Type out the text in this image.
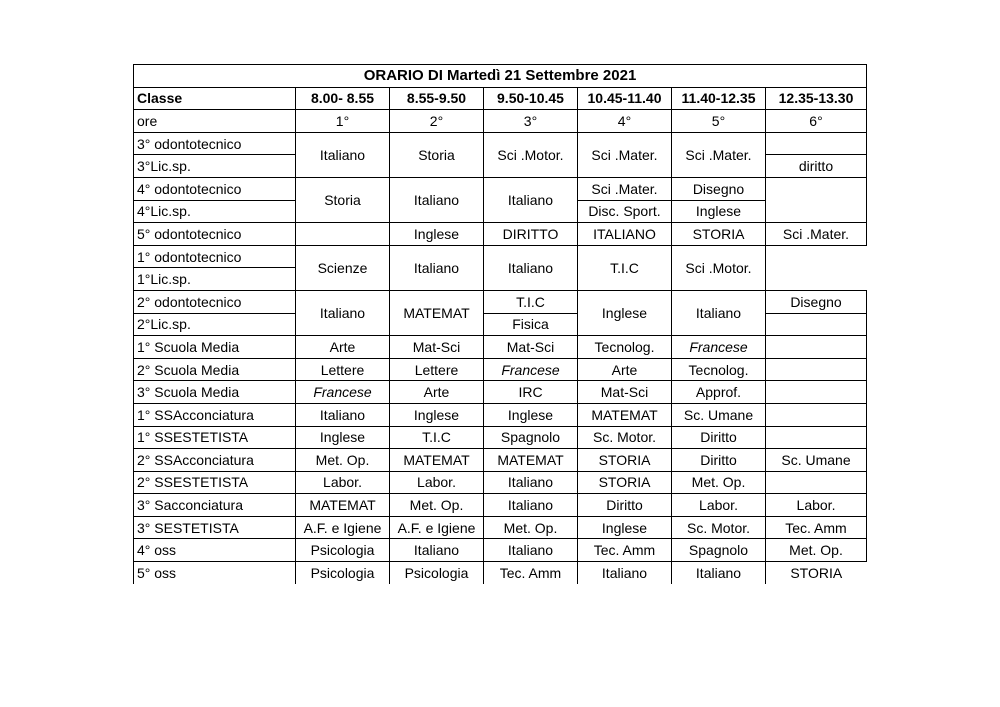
ORARIO DI Martedì 21 Settembre 2021						
Classe	8.00- 8.55	8.55-9.50	9.50-10.45	10.45-11.40	11.40-12.35	12.35-13.30
ore	1°	2°	3°	4°	5°	6°
3° odontotecnico	Italiano	Storia	Sci .Motor.	Sci .Mater.	Sci .Mater.	
3°Lic.sp.						diritto
4° odontotecnico	Storia	Italiano	Italiano	Sci .Mater.	Disegno	
4°Lic.sp.				Disc. Sport.	Inglese	
5° odontotecnico		Inglese	DIRITTO	ITALIANO	STORIA	Sci .Mater.
1° odontotecnico	Scienze	Italiano	Italiano	T.I.C	Sci .Motor.	
1°Lic.sp.						
2° odontotecnico	Italiano	MATEMAT	T.I.C	Inglese	Italiano	Disegno
2°Lic.sp.			Fisica			
1° Scuola Media	Arte	Mat-Sci	Mat-Sci	Tecnolog.	Francese	
2° Scuola Media	Lettere	Lettere	Francese	Arte	Tecnolog.	
3° Scuola Media	Francese	Arte	IRC	Mat-Sci	Approf.	
1° SSAcconciatura	Italiano	Inglese	Inglese	MATEMAT	Sc. Umane	
1° SSESTETISTA	Inglese	T.I.C	Spagnolo	Sc. Motor.	Diritto	
2° SSAcconciatura	Met. Op.	MATEMAT	MATEMAT	STORIA	Diritto	Sc. Umane
2° SSESTETISTA	Labor.	Labor.	Italiano	STORIA	Met. Op.	
3° Sacconciatura	MATEMAT	Met. Op.	Italiano	Diritto	Labor.	Labor.
3° SESTETISTA	A.F. e Igiene	A.F. e Igiene	Met. Op.	Inglese	Sc. Motor.	Tec. Amm
4° oss	Psicologia	Italiano	Italiano	Tec. Amm	Spagnolo	Met. Op.
5° oss	Psicologia	Psicologia	Tec. Amm	Italiano	Italiano	STORIA
